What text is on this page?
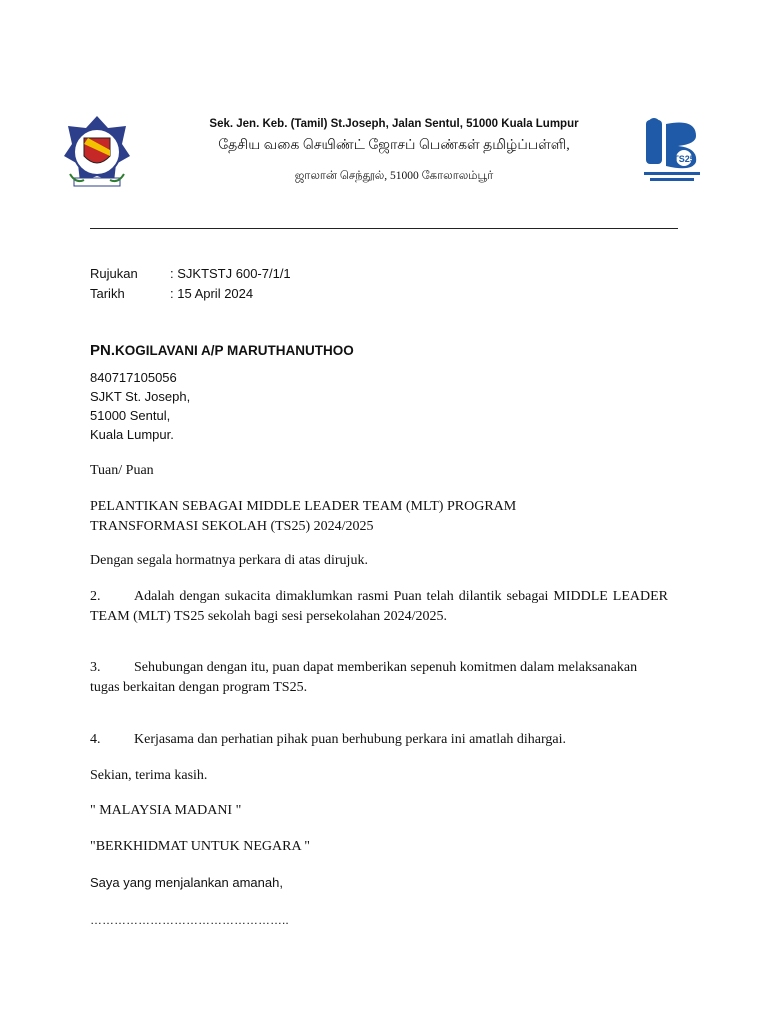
Sek. Jen. Keb. (Tamil) St.Joseph, Jalan Sentul, 51000 Kuala Lumpur
தேசிய வகை செயிண்ட் ஜோசப் பெண்கள் தமிழ்ப்பள்ளி,
ஜாலான் செந்தூல், 51000 கோலாலம்பூர்
TS25
Rujukan : SJKTSTJ 600-7/1/1
Tarikh	: 15 April 2024
PN.KOGILAVANI A/P MARUTHANUTHOO
840717105056
SJKT St. Joseph,
51000 Sentul,
Kuala Lumpur.
Tuan/ Puan
PELANTIKAN SEBAGAI MIDDLE LEADER TEAM (MLT) PROGRAM
TRANSFORMASI SEKOLAH (TS25) 2024/2025
Dengan segala hormatnya perkara di atas dirujuk.
2. Adalah dengan sukacita dimaklumkan rasmi Puan telah dilantik sebagai MIDDLE LEADER TEAM (MLT) TS25 sekolah bagi sesi persekolahan 2024/2025.
3. Sehubungan dengan itu, puan dapat memberikan sepenuh komitmen dalam melaksanakan tugas berkaitan dengan program TS25.
4. Kerjasama dan perhatian pihak puan berhubung perkara ini amatlah dihargai.
Sekian, terima kasih.
" MALAYSIA MADANI "
"BERKHIDMAT UNTUK NEGARA "
Saya yang menjalankan amanah,
…………………………………………..
